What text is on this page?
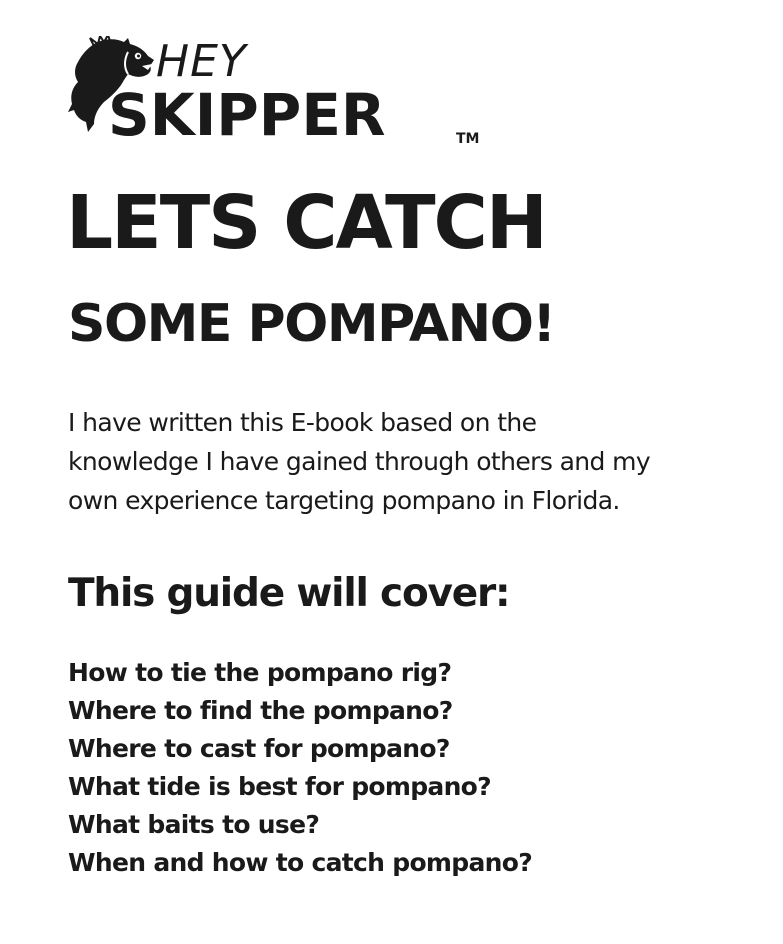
HEY
SKIPPER	TM
LETS CATCH
SOME POMPANO!
I have written this E-book based on the
knowledge I have gained through others and my
own experience targeting pompano in Florida.
This guide will cover:
How to tie the pompano rig?
Where to find the pompano?
Where to cast for pompano?
What tide is best for pompano?
What baits to use?
When and how to catch pompano?
